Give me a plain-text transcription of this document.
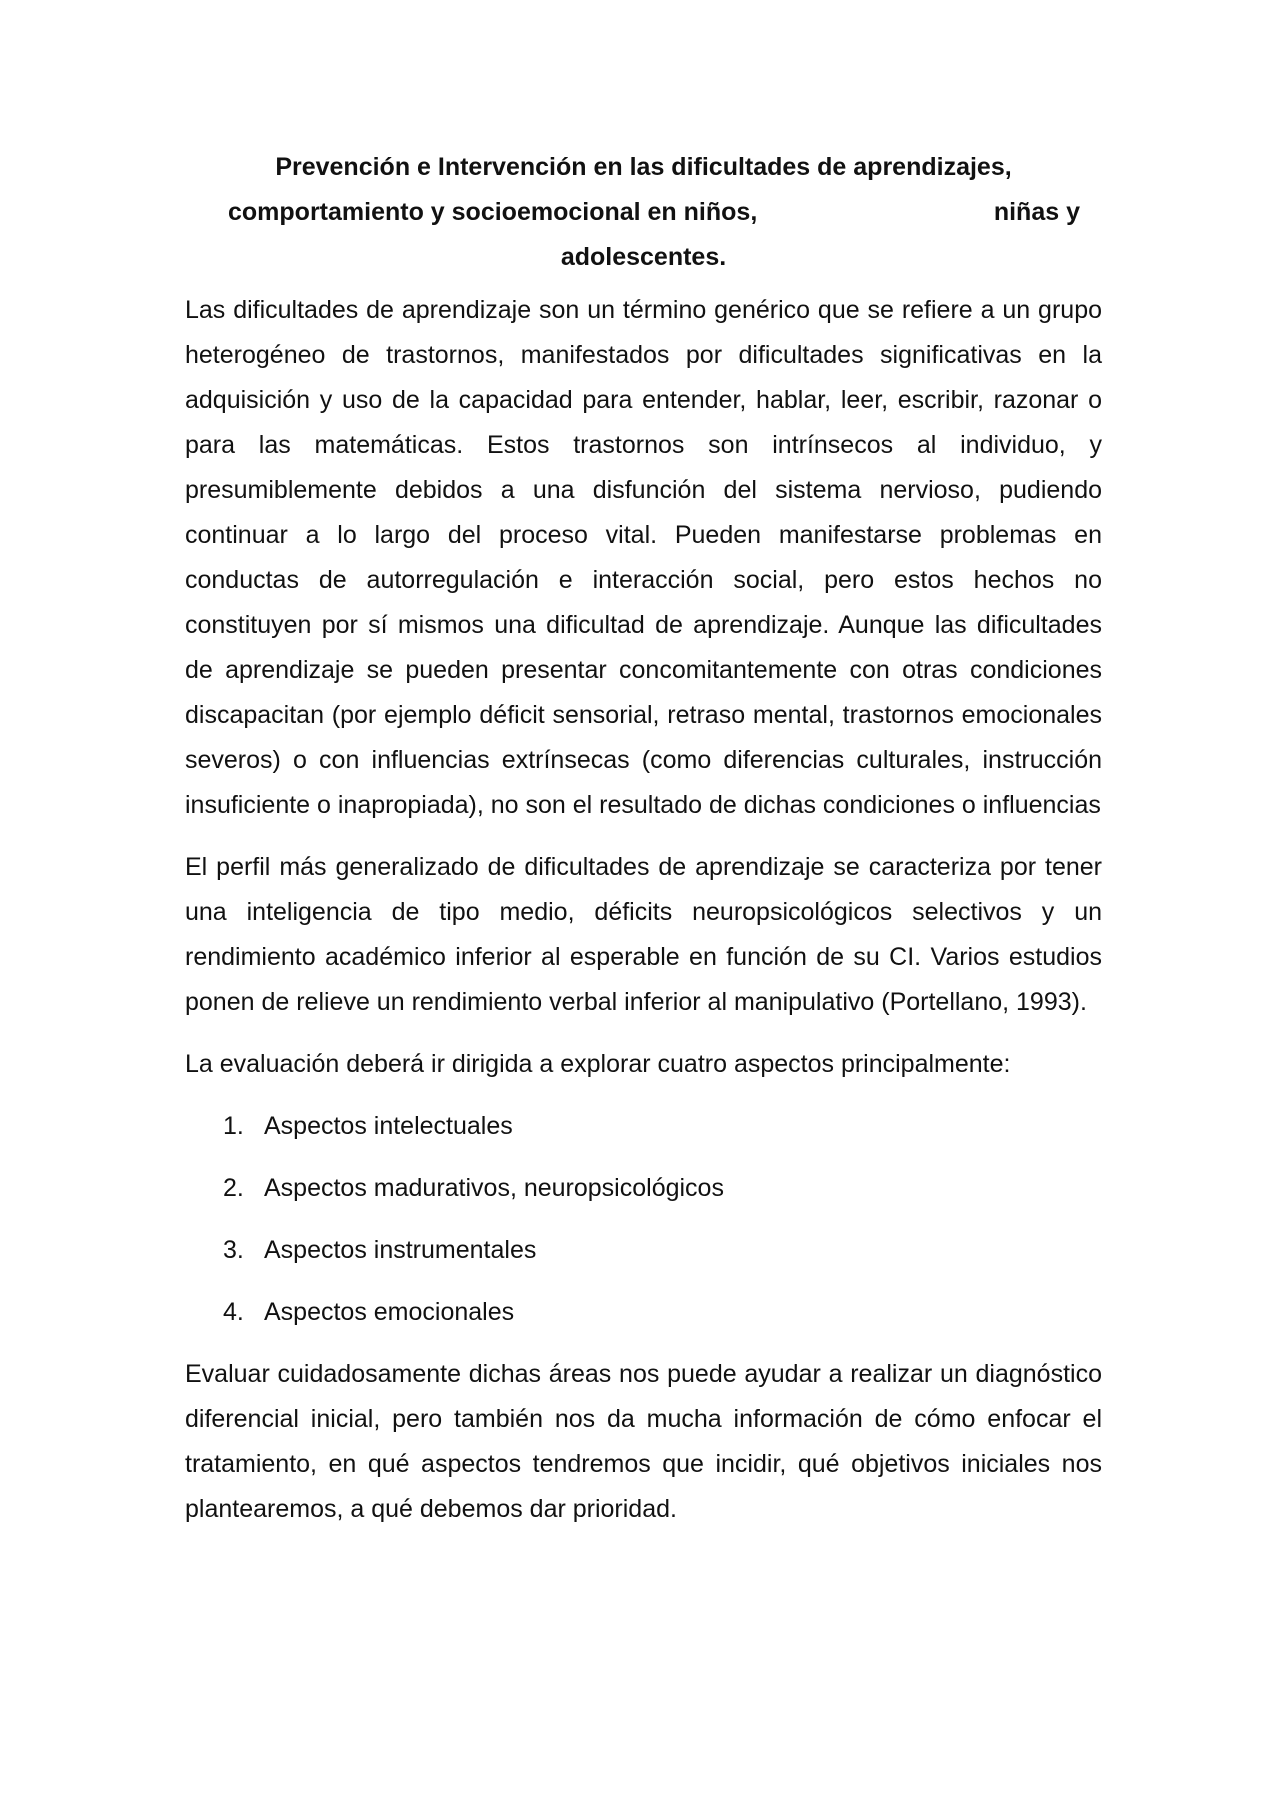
Prevención e Intervención en las dificultades de aprendizajes,
comportamiento y socioemocional en niños,	niñas y
adolescentes.

Las dificultades de aprendizaje son un término genérico que se refiere a un grupo heterogéneo de trastornos, manifestados por dificultades significativas en la adquisición y uso de la capacidad para entender, hablar, leer, escribir, razonar o para las matemáticas. Estos trastornos son intrínsecos al individuo, y presumiblemente debidos a una disfunción del sistema nervioso, pudiendo continuar a lo largo del proceso vital. Pueden manifestarse problemas en conductas de autorregulación e interacción social, pero estos hechos no constituyen por sí mismos una dificultad de aprendizaje. Aunque las dificultades de aprendizaje se pueden presentar concomitantemente con otras condiciones discapacitan (por ejemplo déficit sensorial, retraso mental, trastornos emocionales severos) o con influencias extrínsecas (como diferencias culturales, instrucción insuficiente o inapropiada), no son el resultado de dichas condiciones o influencias

El perfil más generalizado de dificultades de aprendizaje se caracteriza por tener una inteligencia de tipo medio, déficits neuropsicológicos selectivos y un rendimiento académico inferior al esperable en función de su CI. Varios estudios ponen de relieve un rendimiento verbal inferior al manipulativo (Portellano, 1993).

La evaluación deberá ir dirigida a explorar cuatro aspectos principalmente:

1. Aspectos intelectuales
2. Aspectos madurativos, neuropsicológicos
3. Aspectos instrumentales
4. Aspectos emocionales

Evaluar cuidadosamente dichas áreas nos puede ayudar a realizar un diagnóstico diferencial inicial, pero también nos da mucha información de cómo enfocar el tratamiento, en qué aspectos tendremos que incidir, qué objetivos iniciales nos plantearemos, a qué debemos dar prioridad.
